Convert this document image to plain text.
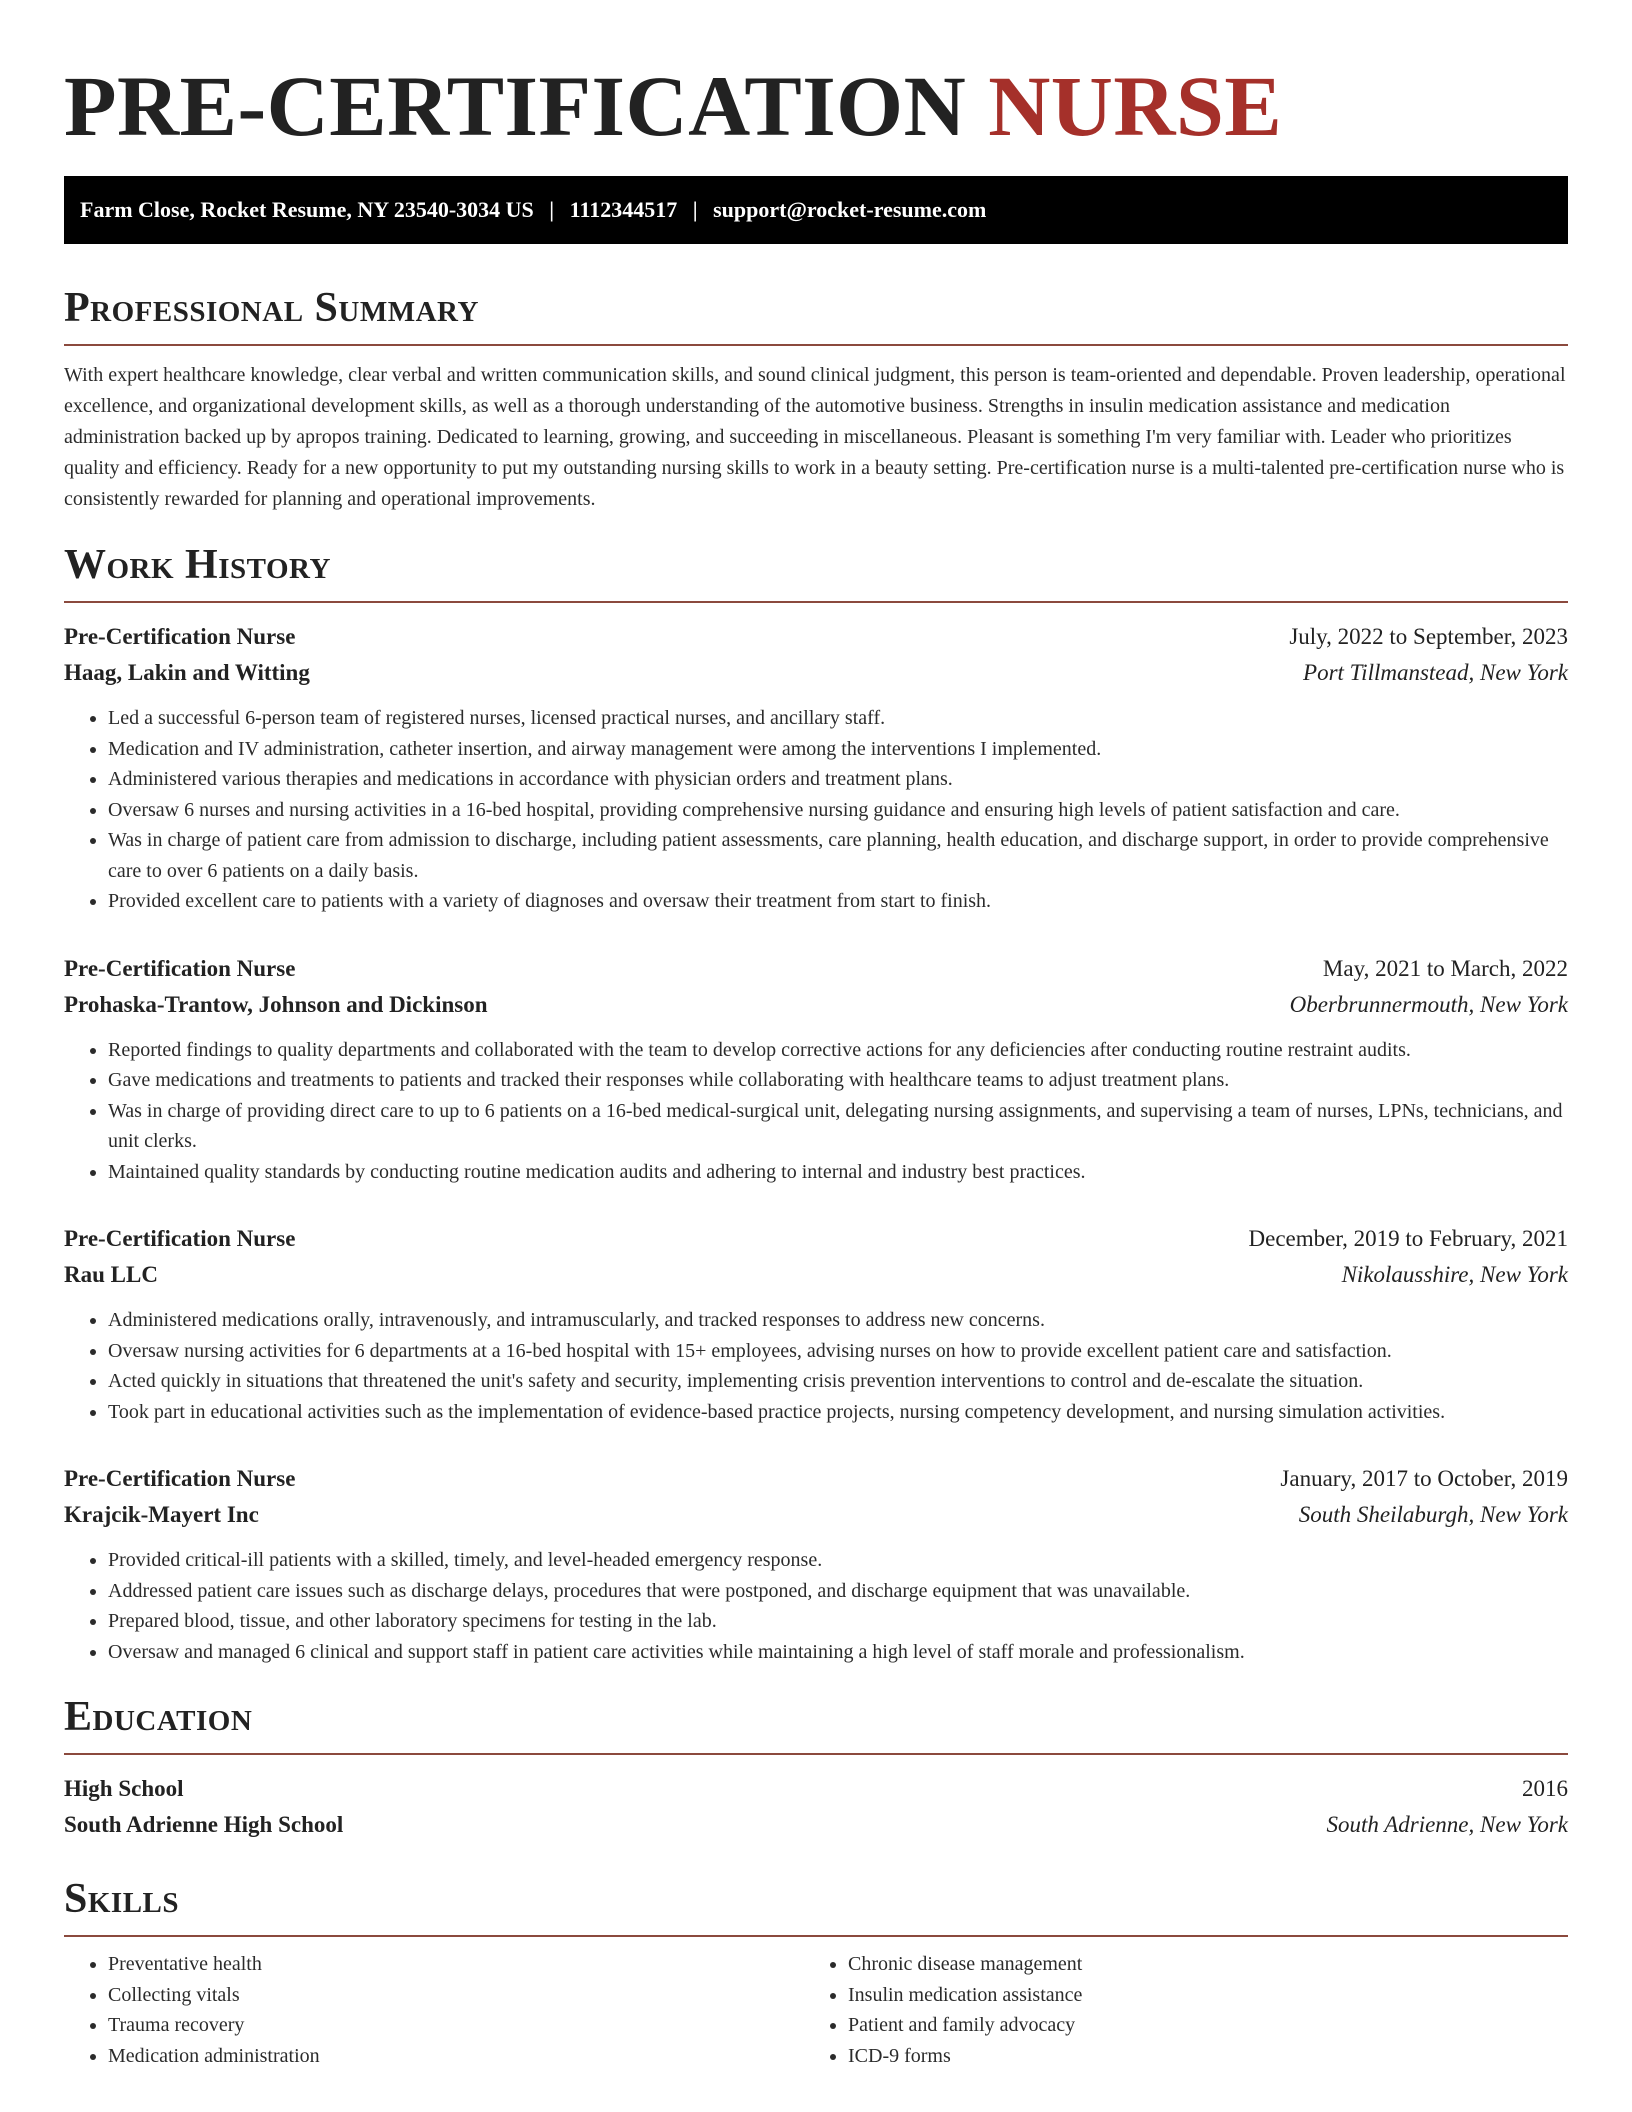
PRE-CERTIFICATION NURSE
Farm Close, Rocket Resume, NY 23540-3034 US | 1112344517 | support@rocket-resume.com
Professional Summary

With expert healthcare knowledge, clear verbal and written communication skills, and sound clinical judgment, this person is team-oriented and dependable. Proven leadership, operational excellence, and organizational development skills, as well as a thorough understanding of the automotive business. Strengths in insulin medication assistance and medication administration backed up by apropos training. Dedicated to learning, growing, and succeeding in miscellaneous. Pleasant is something I'm very familiar with. Leader who prioritizes quality and efficiency. Ready for a new opportunity to put my outstanding nursing skills to work in a beauty setting. Pre-certification nurse is a multi-talented pre-certification nurse who is consistently rewarded for planning and operational improvements.

Work History
Pre-Certification Nurse	July, 2022 to September, 2023
Haag, Lakin and Witting	Port Tillmanstead, New York
• Led a successful 6-person team of registered nurses, licensed practical nurses, and ancillary staff.
• Medication and IV administration, catheter insertion, and airway management were among the interventions I implemented.
• Administered various therapies and medications in accordance with physician orders and treatment plans.
• Oversaw 6 nurses and nursing activities in a 16-bed hospital, providing comprehensive nursing guidance and ensuring high levels of patient satisfaction and care.
• Was in charge of patient care from admission to discharge, including patient assessments, care planning, health education, and discharge support, in order to provide comprehensive care to over 6 patients on a daily basis.
• Provided excellent care to patients with a variety of diagnoses and oversaw their treatment from start to finish.
Pre-Certification Nurse	May, 2021 to March, 2022
Prohaska-Trantow, Johnson and Dickinson	Oberbrunnermouth, New York
• Reported findings to quality departments and collaborated with the team to develop corrective actions for any deficiencies after conducting routine restraint audits.
• Gave medications and treatments to patients and tracked their responses while collaborating with healthcare teams to adjust treatment plans.
• Was in charge of providing direct care to up to 6 patients on a 16-bed medical-surgical unit, delegating nursing assignments, and supervising a team of nurses, LPNs, technicians, and unit clerks.
• Maintained quality standards by conducting routine medication audits and adhering to internal and industry best practices.
Pre-Certification Nurse	December, 2019 to February, 2021
Rau LLC	Nikolausshire, New York
• Administered medications orally, intravenously, and intramuscularly, and tracked responses to address new concerns.
• Oversaw nursing activities for 6 departments at a 16-bed hospital with 15+ employees, advising nurses on how to provide excellent patient care and satisfaction.
• Acted quickly in situations that threatened the unit's safety and security, implementing crisis prevention interventions to control and de-escalate the situation.
• Took part in educational activities such as the implementation of evidence-based practice projects, nursing competency development, and nursing simulation activities.
Pre-Certification Nurse	January, 2017 to October, 2019
Krajcik-Mayert Inc	South Sheilaburgh, New York
• Provided critical-ill patients with a skilled, timely, and level-headed emergency response.
• Addressed patient care issues such as discharge delays, procedures that were postponed, and discharge equipment that was unavailable.
• Prepared blood, tissue, and other laboratory specimens for testing in the lab.
• Oversaw and managed 6 clinical and support staff in patient care activities while maintaining a high level of staff morale and professionalism.
Education
High School	2016
South Adrienne High School	South Adrienne, New York
Skills
• Preventative health
• Collecting vitals
• Trauma recovery
• Medication administration
• Chronic disease management
• Insulin medication assistance
• Patient and family advocacy
• ICD-9 forms
